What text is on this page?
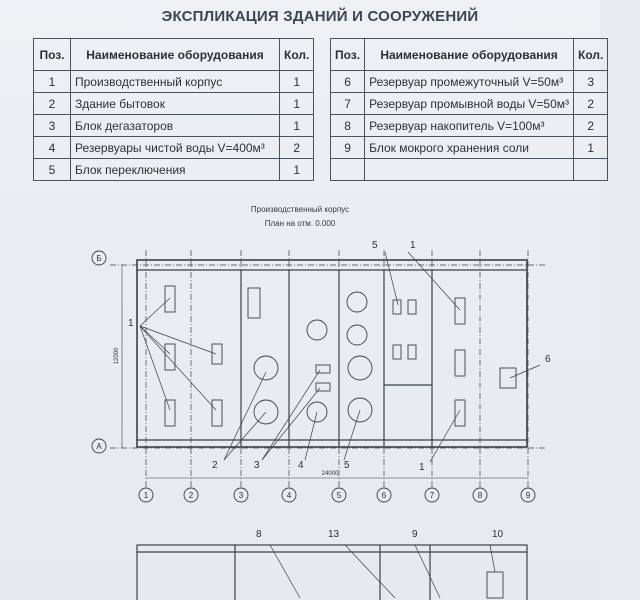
ЭКСПЛИКАЦИЯ ЗДАНИЙ И СООРУЖЕНИЙ
Поз.	Наименование оборудования	Кол.
1	Производственный корпус	1
2	Здание бытовок	1
3	Блок дегазаторов	1
4	Резервуары чистой воды V=400м³	2
5	Блок переключения	1
Поз.	Наименование оборудования	Кол.
6	Резервуар промежуточный V=50м³	3
7	Резервуар промывной воды V=50м³	2
8	Резервуар накопитель V=100м³	2
9	Блок мокрого хранения соли	1

Производственный корпус
План на отм. 0.000
1	2	3	4	5	6	7	8	9
Б
А
24000
12000
1
5	1
6
2	3	4	5	1
8	13	9	10
